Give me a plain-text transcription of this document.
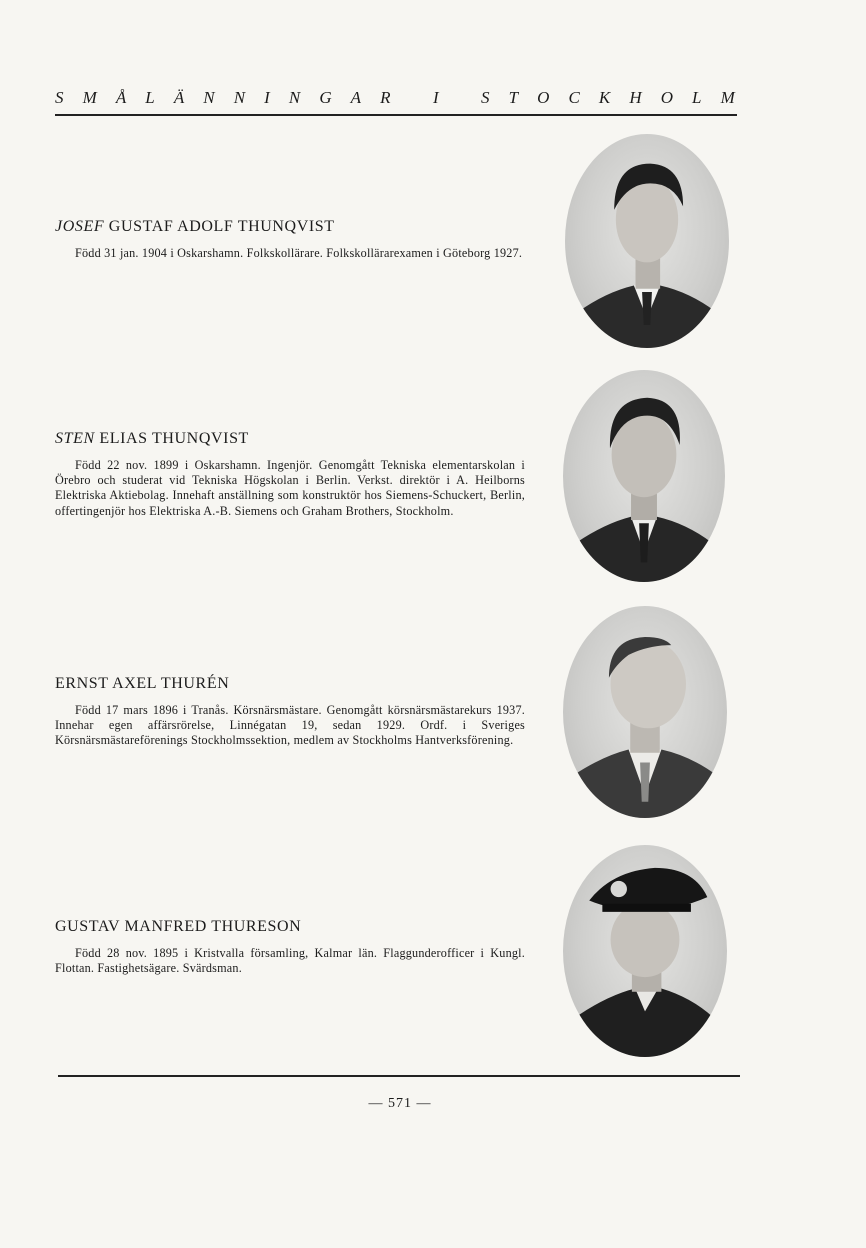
S M Å L Ä N N I N G A R
I
S T O C K H O L M

JOSEF GUSTAF ADOLF THUNQVIST

Född 31 jan. 1904 i Oskarshamn. Folkskollärare. Folkskollärarexamen i Göteborg 1927.

STEN ELIAS THUNQVIST

Född 22 nov. 1899 i Oskarshamn. Ingenjör. Genomgått Tekniska elementarskolan i Örebro och studerat vid Tekniska Högskolan i Berlin. Verkst. direktör i A. Heilborns Elektriska Aktiebolag. Innehaft anställning som konstruktör hos Siemens-Schuckert, Berlin, offertingenjör hos Elektriska A.-B. Siemens och Graham Brothers, Stockholm.

ERNST AXEL THURÉN

Född 17 mars 1896 i Tranås. Körsnärsmästare. Genomgått körsnärsmästarekurs 1937. Innehar egen affärsrörelse, Linnégatan 19, sedan 1929. Ordf. i Sveriges Körsnärsmästareförenings Stockholmssektion, medlem av Stockholms Hantverksförening.

GUSTAV MANFRED THURESON

Född 28 nov. 1895 i Kristvalla församling, Kalmar län. Flaggunderofficer i Kungl. Flottan. Fastighetsägare. Svärdsman.

— 571 —
